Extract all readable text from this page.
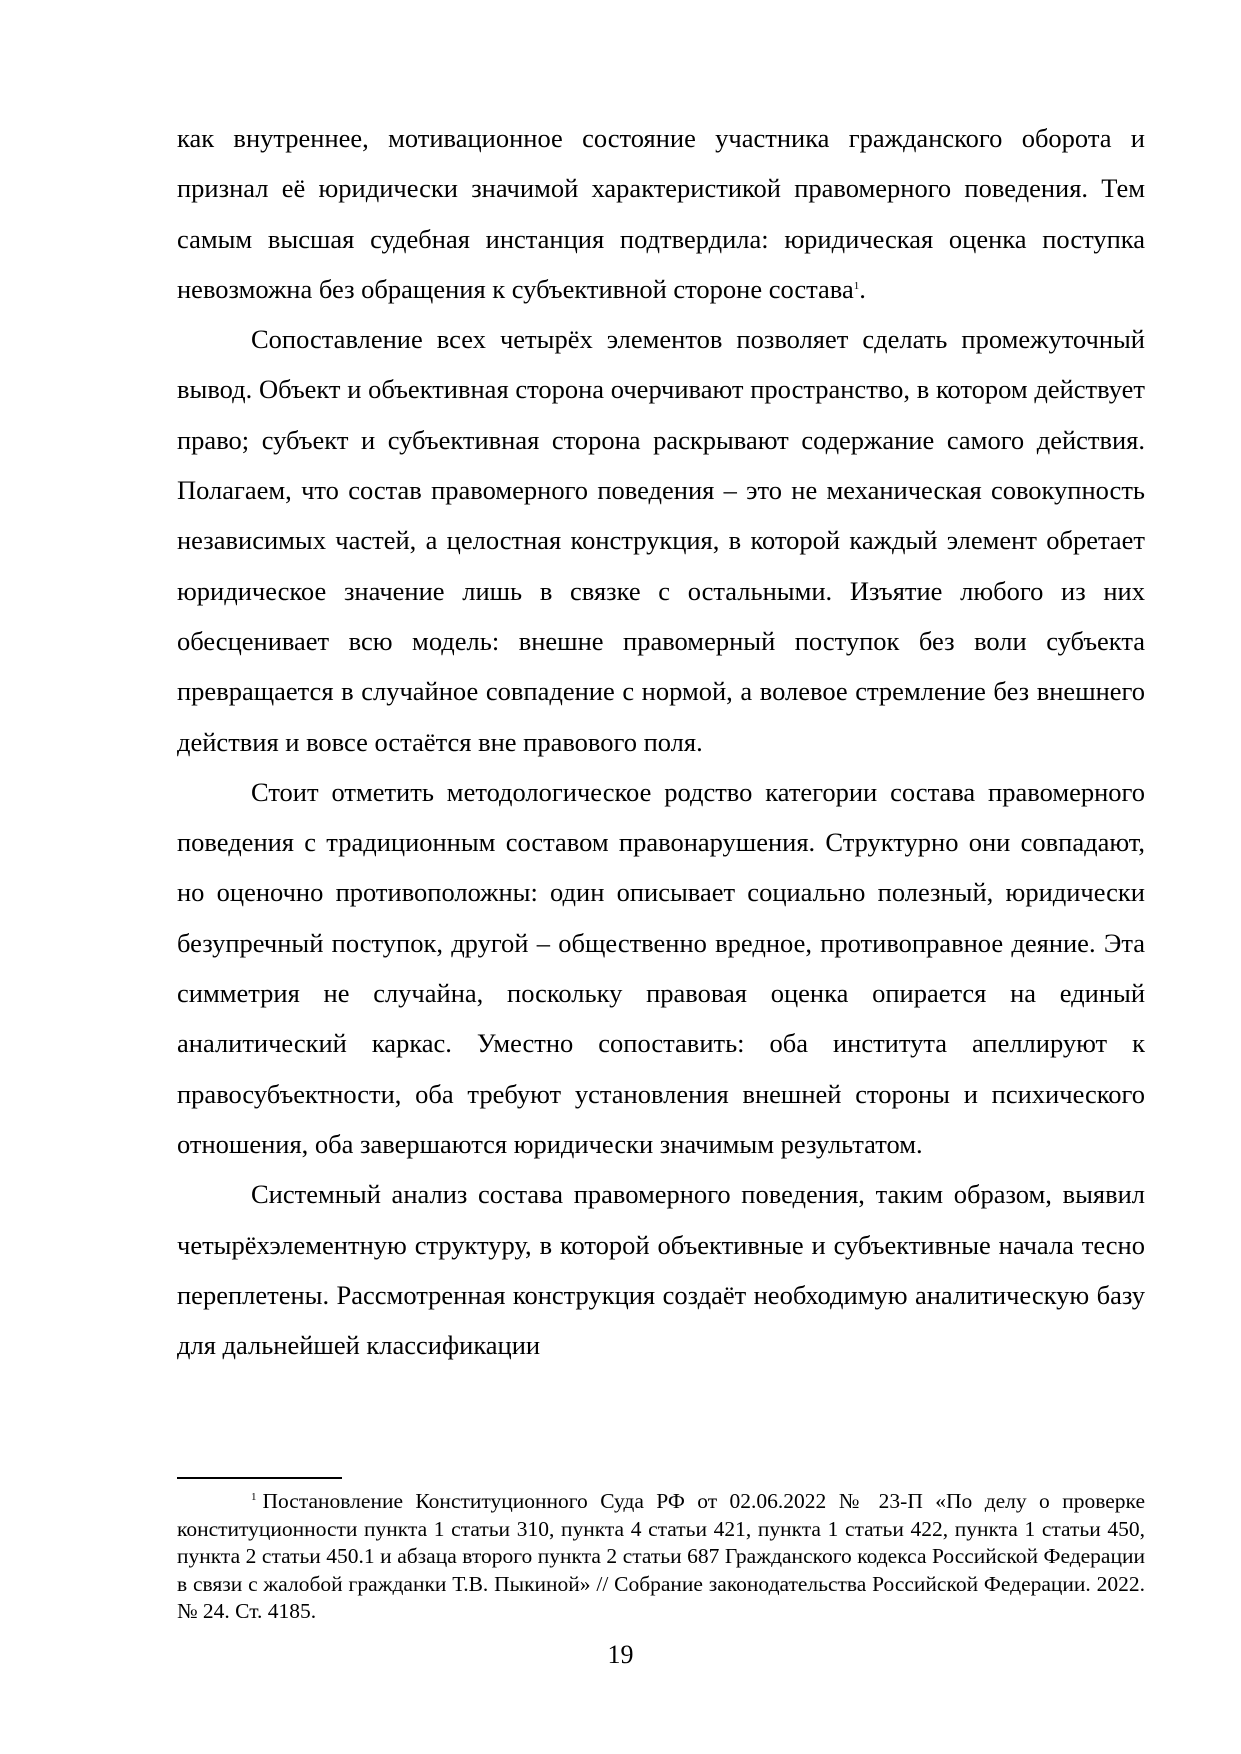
как внутреннее, мотивационное состояние участника гражданского оборота и признал её юридически значимой характеристикой правомерного поведения. Тем самым высшая судебная инстанция подтвердила: юридическая оценка поступка невозможна без обращения к субъективной стороне состава$^1$.

Сопоставление всех четырёх элементов позволяет сделать промежуточный вывод. Объект и объективная сторона очерчивают пространство, в котором действует право; субъект и субъективная сторона раскрывают содержание самого действия. Полагаем, что состав правомерного поведения – это не механическая совокупность независимых частей, а целостная конструкция, в которой каждый элемент обретает юридическое значение лишь в связке с остальными. Изъятие любого из них обесценивает всю модель: внешне правомерный поступок без воли субъекта превращается в случайное совпадение с нормой, а волевое стремление без внешнего действия и вовсе остаётся вне правового поля.

Стоит отметить методологическое родство категории состава правомерного поведения с традиционным составом правонарушения. Структурно они совпадают, но оценочно противоположны: один описывает социально полезный, юридически безупречный поступок, другой – общественно вредное, противоправное деяние. Эта симметрия не случайна, поскольку правовая оценка опирается на единый аналитический каркас. Уместно сопоставить: оба института апеллируют к правосубъектности, оба требуют установления внешней стороны и психического отношения, оба завершаются юридически значимым результатом.

Системный анализ состава правомерного поведения, таким образом, выявил четырёхэлементную структуру, в которой объективные и субъективные начала тесно переплетены. Рассмотренная конструкция создаёт необходимую аналитическую базу для дальнейшей классификации

$^1$ Постановление Конституционного Суда РФ от 02.06.2022 № 23-П «По делу о проверке конституционности пункта 1 статьи 310, пункта 4 статьи 421, пункта 1 статьи 422, пункта 1 статьи 450, пункта 2 статьи 450.1 и абзаца второго пункта 2 статьи 687 Гражданского кодекса Российской Федерации в связи с жалобой гражданки Т.В. Пыкиной» // Собрание законодательства Российской Федерации. 2022. № 24. Ст. 4185.

19
